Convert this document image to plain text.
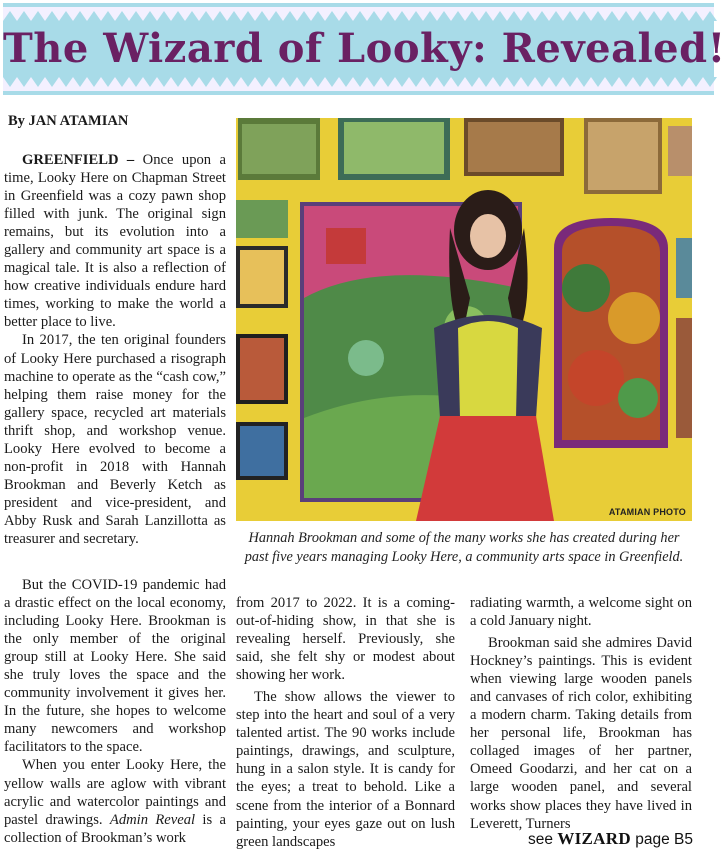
The Wizard of Looky: Revealed!
By JAN ATAMIAN

GREENFIELD – Once upon a time, Looky Here on Chapman Street in Greenfield was a cozy pawn shop filled with junk. The original sign remains, but its evolution into a gallery and community art space is a magical tale. It is also a reflection of how creative individuals endure hard times, working to make the world a better place to live.

In 2017, the ten original founders of Looky Here purchased a risograph machine to operate as the “cash cow,” helping them raise money for the gallery space, recycled art materials thrift shop, and workshop venue. Looky Here evolved to become a non-profit in 2018 with Hannah Brookman and Beverly Ketch as president and vice-president, and Abby Rusk and Sarah Lanzillotta as treasurer and secretary.

But the COVID-19 pandemic had a drastic effect on the local economy, including Looky Here. Brookman is the only member of the original group still at Looky Here. She said she truly loves the space and the community involvement it gives her. In the future, she hopes to welcome many newcomers and workshop facilitators to the space.

When you enter Looky Here, the yellow walls are aglow with vibrant acrylic and watercolor paintings and pastel drawings. Admin Reveal is a collection of Brookman’s work

from 2017 to 2022. It is a coming-out-of-hiding show, in that she is revealing herself. Previously, she said, she felt shy or modest about showing her work.

The show allows the viewer to step into the heart and soul of a very talented artist. The 90 works include paintings, drawings, and sculpture, hung in a salon style. It is candy for the eyes; a treat to behold. Like a scene from the interior of a Bonnard painting, your eyes gaze out on lush green landscapes

radiating warmth, a welcome sight on a cold January night.

Brookman said she admires David Hockney’s paintings. This is evident when viewing large wooden panels and canvases of rich color, exhibiting a modern charm. Taking details from her personal life, Brookman has collaged images of her partner, Omeed Goodarzi, and her cat on a large wooden panel, and several works show places they have lived in Leverett, Turners

ATAMIAN PHOTO
Hannah Brookman and some of the many works she has created during her past five years managing Looky Here, a community arts space in Greenfield.
see WIZARD page B5
